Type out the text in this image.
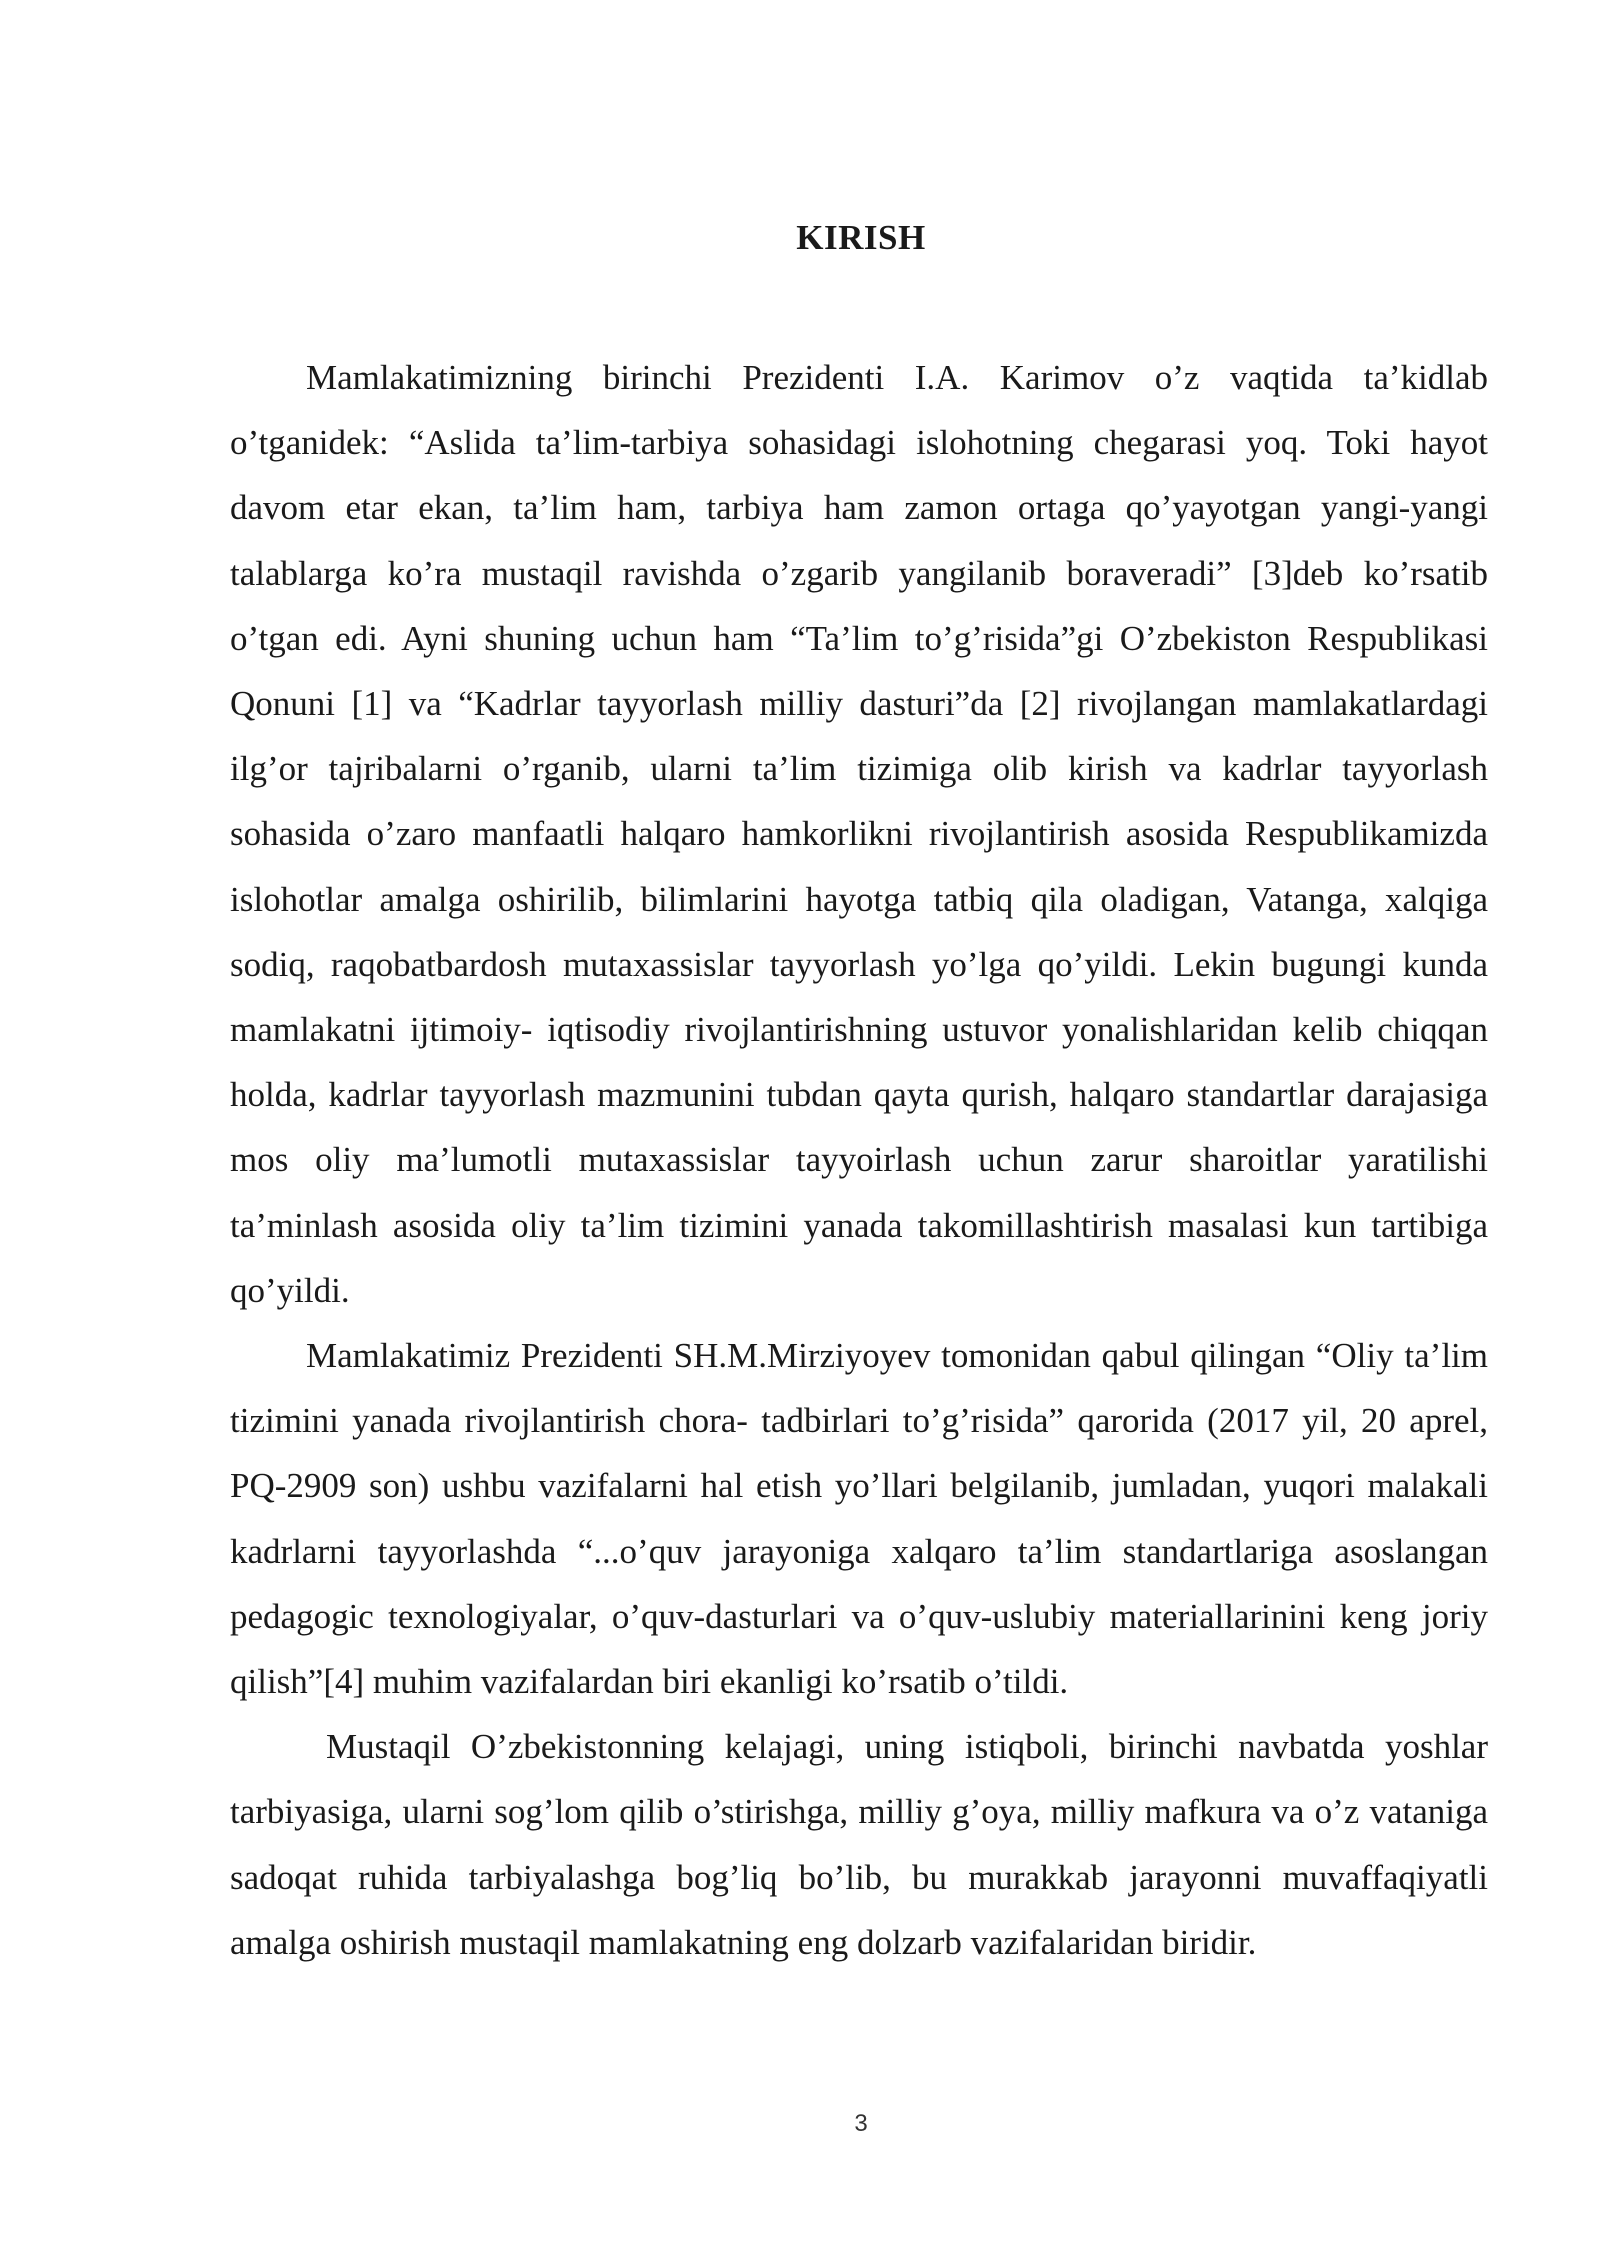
KIRISH

Mamlakatimizning birinchi Prezidenti I.A. Karimov o’z vaqtida ta’kidlab o’tganidek: “Aslida ta’lim-tarbiya sohasidagi islohotning chegarasi yoq. Toki hayot davom etar ekan, ta’lim ham, tarbiya ham zamon ortaga qo’yayotgan yangi-yangi talablarga ko’ra mustaqil ravishda o’zgarib yangilanib boraveradi” [3]deb ko’rsatib o’tgan edi. Ayni shuning uchun ham “Ta’lim to’g’risida”gi O’zbekiston Respublikasi Qonuni [1] va “Kadrlar tayyorlash milliy dasturi”da [2] rivojlangan mamlakatlardagi ilg’or tajribalarni o’rganib, ularni ta’lim tizimiga olib kirish va kadrlar tayyorlash sohasida o’zaro manfaatli halqaro hamkorlikni rivojlantirish asosida Respublikamizda islohotlar amalga oshirilib, bilimlarini hayotga tatbiq qila oladigan, Vatanga, xalqiga sodiq, raqobatbardosh mutaxassislar tayyorlash yo’lga qo’yildi. Lekin bugungi kunda mamlakatni ijtimoiy- iqtisodiy rivojlantirishning ustuvor yonalishlaridan kelib chiqqan holda, kadrlar tayyorlash mazmunini tubdan qayta qurish, halqaro standartlar darajasiga mos oliy ma’lumotli mutaxassislar tayyoirlash uchun zarur sharoitlar yaratilishi ta’minlash asosida oliy ta’lim tizimini yanada takomillashtirish masalasi kun tartibiga qo’yildi.

Mamlakatimiz Prezidenti SH.M.Mirziyoyev tomonidan qabul qilingan “Oliy ta’lim tizimini yanada rivojlantirish chora- tadbirlari to’g’risida” qarorida (2017 yil, 20 aprel, PQ-2909 son) ushbu vazifalarni hal etish yo’llari belgilanib, jumladan, yuqori malakali kadrlarni tayyorlashda “...o’quv jarayoniga xalqaro ta’lim standartlariga asoslangan pedagogic texnologiyalar, o’quv-dasturlari va o’quv-uslubiy materiallarinini keng joriy qilish”[4] muhim vazifalardan biri ekanligi ko’rsatib o’tildi.

Mustaqil O’zbekistonning kelajagi, uning istiqboli, birinchi navbatda yoshlar tarbiyasiga, ularni sog’lom qilib o’stirishga, milliy g’oya, milliy mafkura va o’z vataniga sadoqat ruhida tarbiyalashga bog’liq bo’lib, bu murakkab jarayonni muvaffaqiyatli amalga oshirish mustaqil mamlakatning eng dolzarb vazifalaridan biridir.

3
